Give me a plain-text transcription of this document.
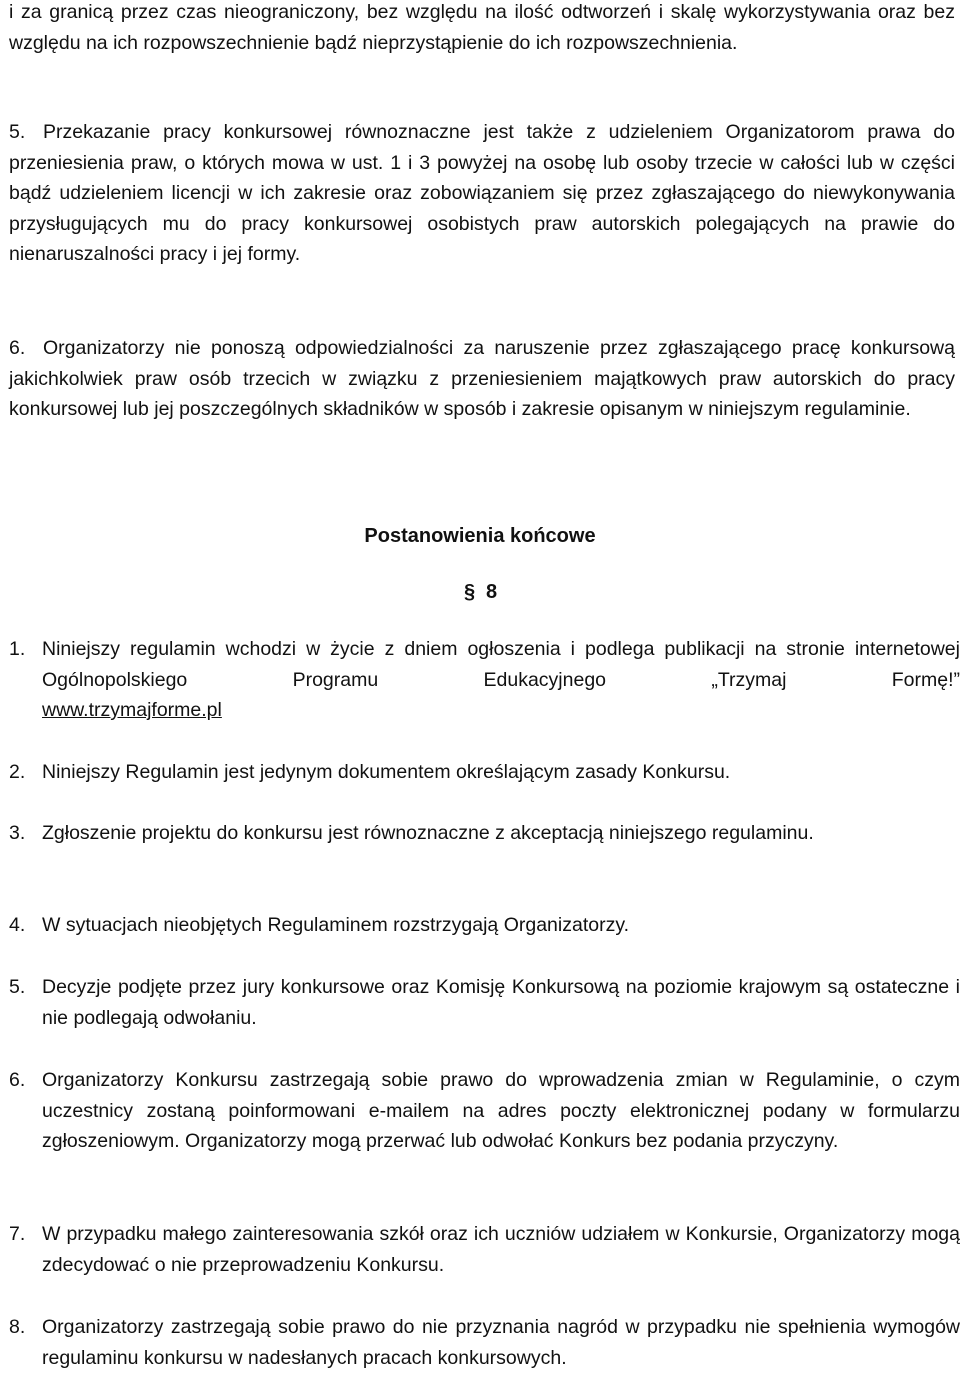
i za granicą przez czas nieograniczony, bez względu na ilość odtworzeń i skalę wykorzystywania oraz bez względu na ich rozpowszechnienie bądź nieprzystąpienie do ich rozpowszechnienia.
5. Przekazanie pracy konkursowej równoznaczne jest także z udzieleniem Organizatorom prawa do przeniesienia praw, o których mowa w ust. 1 i 3 powyżej na osobę lub osoby trzecie w całości lub w części bądź udzieleniem licencji w ich zakresie oraz zobowiązaniem się przez zgłaszającego do niewykonywania przysługujących mu do pracy konkursowej osobistych praw autorskich polegających na prawie do nienaruszalności pracy i jej formy.
6. Organizatorzy nie ponoszą odpowiedzialności za naruszenie przez zgłaszającego pracę konkursową jakichkolwiek praw osób trzecich w związku z przeniesieniem majątkowych praw autorskich do pracy konkursowej lub jej poszczególnych składników w sposób i zakresie opisanym w niniejszym regulaminie.
Postanowienia końcowe
§ 8
1. Niniejszy regulamin wchodzi w życie z dniem ogłoszenia i podlega publikacji na stronie internetowej Ogólnopolskiego Programu Edukacyjnego „Trzymaj Formę!”
www.trzymajforme.pl
2. Niniejszy Regulamin jest jedynym dokumentem określającym zasady Konkursu.
3. Zgłoszenie projektu do konkursu jest równoznaczne z akceptacją niniejszego regulaminu.
4. W sytuacjach nieobjętych Regulaminem rozstrzygają Organizatorzy.
5. Decyzje podjęte przez jury konkursowe oraz Komisję Konkursową na poziomie krajowym są ostateczne i nie podlegają odwołaniu.
6. Organizatorzy Konkursu zastrzegają sobie prawo do wprowadzenia zmian w Regulaminie, o czym uczestnicy zostaną poinformowani e-mailem na adres poczty elektronicznej podany w formularzu zgłoszeniowym. Organizatorzy mogą przerwać lub odwołać Konkurs bez podania przyczyny.
7. W przypadku małego zainteresowania szkół oraz ich uczniów udziałem w Konkursie, Organizatorzy mogą zdecydować o nie przeprowadzeniu Konkursu.
8. Organizatorzy zastrzegają sobie prawo do nie przyznania nagród w przypadku nie spełnienia wymogów regulaminu konkursu w nadesłanych pracach konkursowych.
